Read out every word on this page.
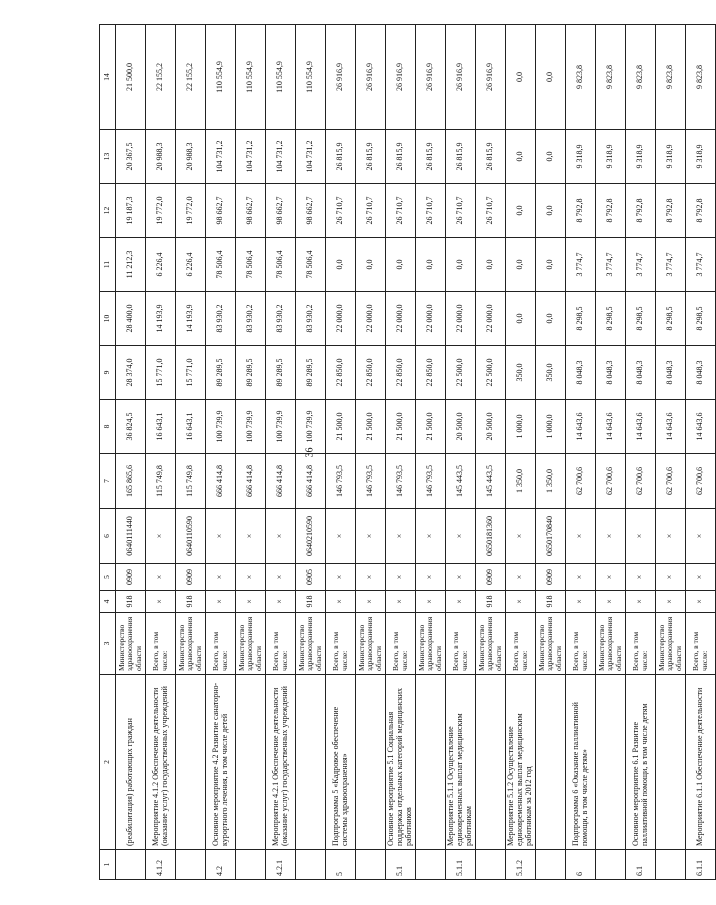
36
1	2	3	4	5	6	7	8	9	10	11	12	13	14
	(реабилитация) работающих граждан	Министерство здравоохранения области	918	0909	0640111440	165 865,6	36 824,5	28 374,0	28 400,0	11 212,3	19 187,3	20 367,5	21 500,0
4.1.2	Мероприятие 4.1.2 Обеспечение деятельности (оказание услуг) государственных учреждений	Всего, в том числе:	×	×	×	115 749,8	16 643,1	15 771,0	14 193,9	6 226,4	19 772,0	20 988,3	22 155,2
		Министерство здравоохранения области	918	0909	0640110590	115 749,8	16 643,1	15 771,0	14 193,9	6 226,4	19 772,0	20 988,3	22 155,2
4.2	Основное мероприятие 4.2 Развитие санаторно-курортного лечения, в том числе детей	Всего, в том числе:	×	×	×	666 414,8	100 739,9	89 289,5	83 930,2	78 506,4	98 662,7	104 731,2	110 554,9
		Министерство здравоохранения области	×	×	×	666 414,8	100 739,9	89 289,5	83 930,2	78 506,4	98 662,7	104 731,2	110 554,9
4.2.1	Мероприятие 4.2.1 Обеспечение деятельности (оказание услуг) государственных учреждений	Всего, в том числе:	×	×	×	666 414,8	100 739,9	89 289,5	83 930,2	78 506,4	98 662,7	104 731,2	110 554,9
		Министерство здравоохранения области	918	0905	0640210590	666 414,8	100 739,9	89 289,5	83 930,2	78 506,4	98 662,7	104 731,2	110 554,9
5	Подпрограмма 5 «Кадровое обеспечение системы здравоохранения»	Всего, в том числе:	×	×	×	146 793,5	21 500,0	22 850,0	22 000,0	0,0	26 710,7	26 815,9	26 916,9
		Министерство здравоохранения области	×	×	×	146 793,5	21 500,0	22 850,0	22 000,0	0,0	26 710,7	26 815,9	26 916,9
5.1	Основное мероприятие 5.1 Социальная поддержка отдельных категорий медицинских работников	Всего, в том числе:	×	×	×	146 793,5	21 500,0	22 850,0	22 000,0	0,0	26 710,7	26 815,9	26 916,9
		Министерство здравоохранения области	×	×	×	146 793,5	21 500,0	22 850,0	22 000,0	0,0	26 710,7	26 815,9	26 916,9
5.1.1	Мероприятие 5.1.1 Осуществление единовременных выплат медицинским работникам	Всего, в том числе:	×	×	×	145 443,5	20 500,0	22 500,0	22 000,0	0,0	26 710,7	26 815,9	26 916,9
		Министерство здравоохранения области	918	0909	0650181360	145 443,5	20 500,0	22 500,0	22 000,0	0,0	26 710,7	26 815,9	26 916,9
5.1.2	Мероприятие 5.1.2 Осуществление единовременных выплат медицинским работникам за 2012 год	Всего, в том числе:	×	×	×	1 350,0	1 000,0	350,0	0,0	0,0	0,0	0,0	0,0
		Министерство здравоохранения области	918	0909	0650170840	1 350,0	1 000,0	350,0	0,0	0,0	0,0	0,0	0,0
6	Подпрограмма 6 «Оказание паллиативной помощи, в том числе детям»	Всего, в том числе:	×	×	×	62 700,6	14 643,6	8 048,3	8 298,5	3 774,7	8 792,8	9 318,9	9 823,8
		Министерство здравоохранения области	×	×	×	62 700,6	14 643,6	8 048,3	8 298,5	3 774,7	8 792,8	9 318,9	9 823,8
6.1	Основное мероприятие 6.1 Развитие паллиативной помощи, в том числе детям	Всего, в том числе:	×	×	×	62 700,6	14 643,6	8 048,3	8 298,5	3 774,7	8 792,8	9 318,9	9 823,8
		Министерство здравоохранения области	×	×	×	62 700,6	14 643,6	8 048,3	8 298,5	3 774,7	8 792,8	9 318,9	9 823,8
6.1.1	Мероприятие 6.1.1 Обеспечение деятельности	Всего, в том числе:	×	×	×	62 700,6	14 643,6	8 048,3	8 298,5	3 774,7	8 792,8	9 318,9	9 823,8
